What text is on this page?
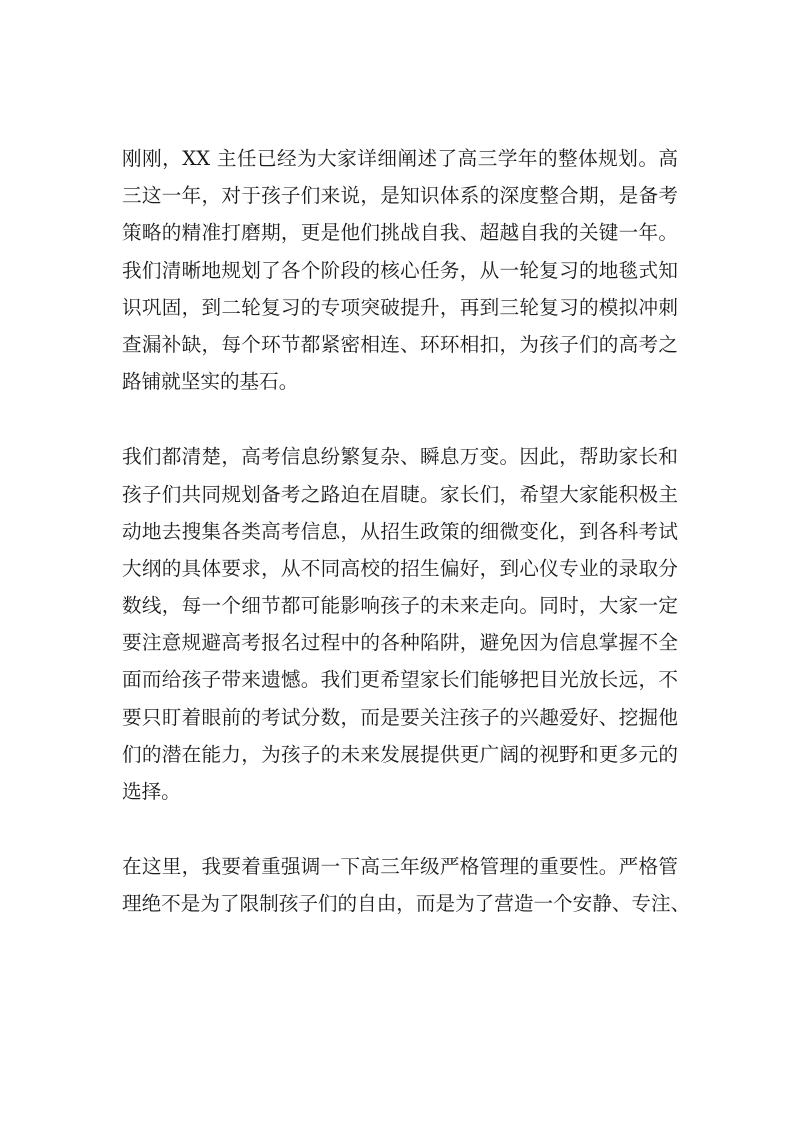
刚刚，XX 主任已经为大家详细阐述了高三学年的整体规划。高
三这一年，对于孩子们来说，是知识体系的深度整合期，是备考
策略的精准打磨期，更是他们挑战自我、超越自我的关键一年。
我们清晰地规划了各个阶段的核心任务，从一轮复习的地毯式知
识巩固，到二轮复习的专项突破提升，再到三轮复习的模拟冲刺
查漏补缺，每个环节都紧密相连、环环相扣，为孩子们的高考之
路铺就坚实的基石。

我们都清楚，高考信息纷繁复杂、瞬息万变。因此，帮助家长和
孩子们共同规划备考之路迫在眉睫。家长们，希望大家能积极主
动地去搜集各类高考信息，从招生政策的细微变化，到各科考试
大纲的具体要求，从不同高校的招生偏好，到心仪专业的录取分
数线，每一个细节都可能影响孩子的未来走向。同时，大家一定
要注意规避高考报名过程中的各种陷阱，避免因为信息掌握不全
面而给孩子带来遗憾。我们更希望家长们能够把目光放长远，不
要只盯着眼前的考试分数，而是要关注孩子的兴趣爱好、挖掘他
们的潜在能力，为孩子的未来发展提供更广阔的视野和更多元的
选择。

在这里，我要着重强调一下高三年级严格管理的重要性。严格管
理绝不是为了限制孩子们的自由，而是为了营造一个安静、专注、
